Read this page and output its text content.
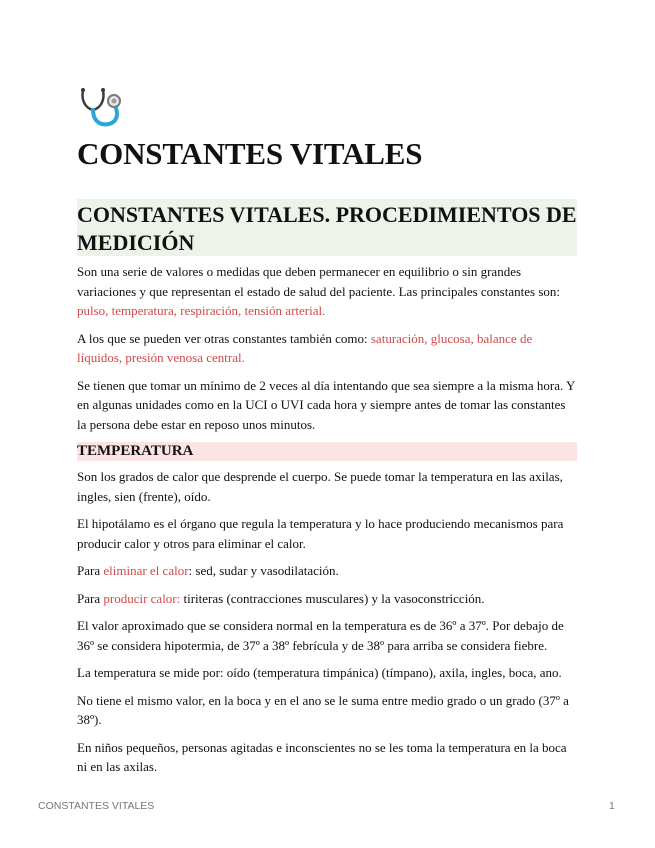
CONSTANTES VITALES
CONSTANTES VITALES. PROCEDIMIENTOS DE MEDICIÓN

Son una serie de valores o medidas que deben permanecer en equilibrio o sin grandes variaciones y que representan el estado de salud del paciente. Las principales constantes son: pulso, temperatura, respiración, tensión arterial.

A los que se pueden ver otras constantes también como: saturación, glucosa, balance de líquidos, presión venosa central.

Se tienen que tomar un mínimo de 2 veces al día intentando que sea siempre a la misma hora. Y en algunas unidades como en la UCI o UVI cada hora y siempre antes de tomar las constantes la persona debe estar en reposo unos minutos.

TEMPERATURA

Son los grados de calor que desprende el cuerpo. Se puede tomar la temperatura en las axilas, ingles, sien (frente), oído.

El hipotálamo es el órgano que regula la temperatura y lo hace produciendo mecanismos para producir calor y otros para eliminar el calor.

Para eliminar el calor: sed, sudar y vasodilatación.

Para producir calor: tiriteras (contracciones musculares) y la vasoconstricción.

El valor aproximado que se considera normal en la temperatura es de 36º a 37º. Por debajo de 36º se considera hipotermia, de 37º a 38º febrícula y de 38º para arriba se considera fiebre.

La temperatura se mide por: oído (temperatura timpánica) (tímpano), axila, ingles, boca, ano.

No tiene el mismo valor, en la boca y en el ano se le suma entre medio grado o un grado (37º a 38º).

En niños pequeños, personas agitadas e inconscientes no se les toma la temperatura en la boca ni en las axilas.

CONSTANTES VITALES	1
